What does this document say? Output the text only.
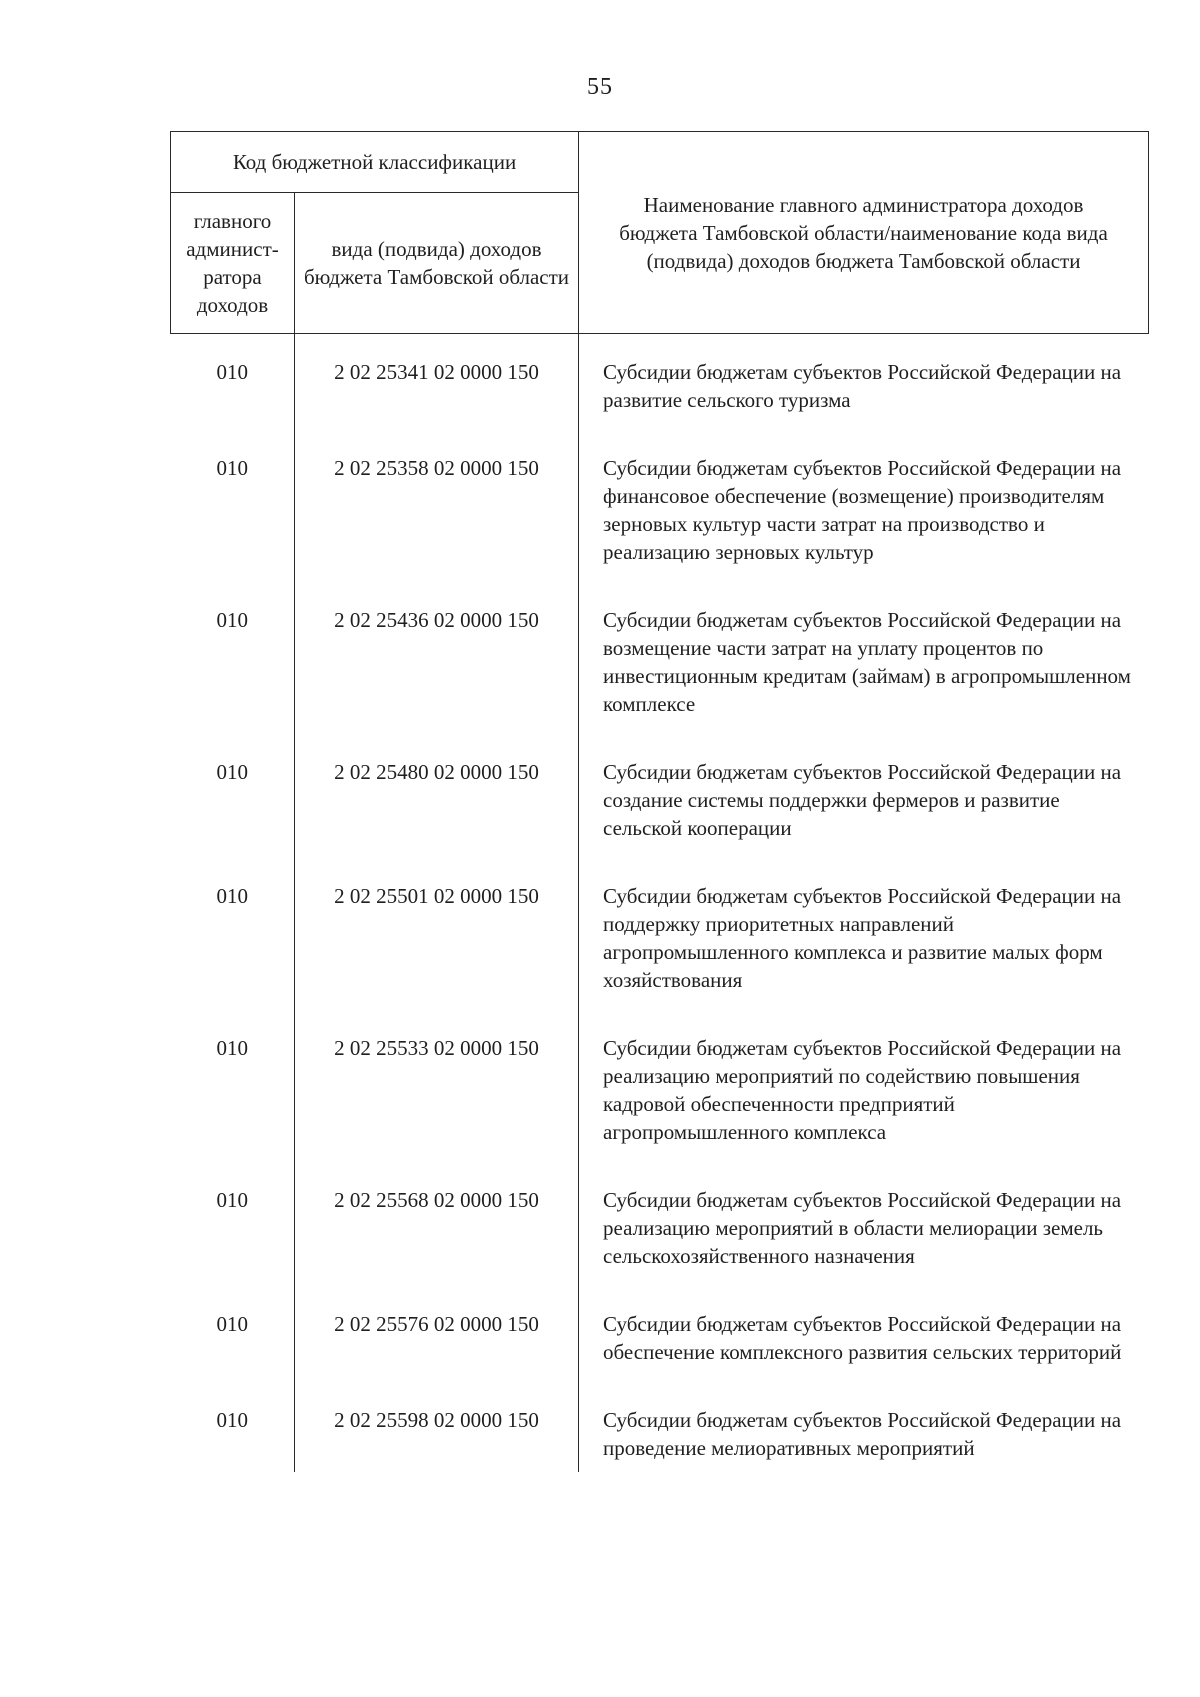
55
Код бюджетной классификации		Наименование главного администратора доходов бюджета Тамбовской области/наименование кода вида (подвида) доходов бюджета Тамбовской области
главного админист-ратора доходов	вида (подвида) доходов бюджета Тамбовской области	
010	2 02 25341 02 0000 150	Субсидии бюджетам субъектов Российской Федерации на развитие сельского туризма
010	2 02 25358 02 0000 150	Субсидии бюджетам субъектов Российской Федерации на финансовое обеспечение (возмещение) производителям зерновых культур части затрат на производство и реализацию зерновых культур
010	2 02 25436 02 0000 150	Субсидии бюджетам субъектов Российской Федерации на возмещение части затрат на уплату процентов по инвестиционным кредитам (займам) в агропромышленном комплексе
010	2 02 25480 02 0000 150	Субсидии бюджетам субъектов Российской Федерации на создание системы поддержки фермеров и развитие сельской кооперации
010	2 02 25501 02 0000 150	Субсидии бюджетам субъектов Российской Федерации на поддержку приоритетных направлений агропромышленного комплекса и развитие малых форм хозяйствования
010	2 02 25533 02 0000 150	Субсидии бюджетам субъектов Российской Федерации на реализацию мероприятий по содействию повышения кадровой обеспеченности предприятий агропромышленного комплекса
010	2 02 25568 02 0000 150	Субсидии бюджетам субъектов Российской Федерации на реализацию мероприятий в области мелиорации земель сельскохозяйственного назначения
010	2 02 25576 02 0000 150	Субсидии бюджетам субъектов Российской Федерации на обеспечение комплексного развития сельских территорий
010	2 02 25598 02 0000 150	Субсидии бюджетам субъектов Российской Федерации на проведение мелиоративных мероприятий
